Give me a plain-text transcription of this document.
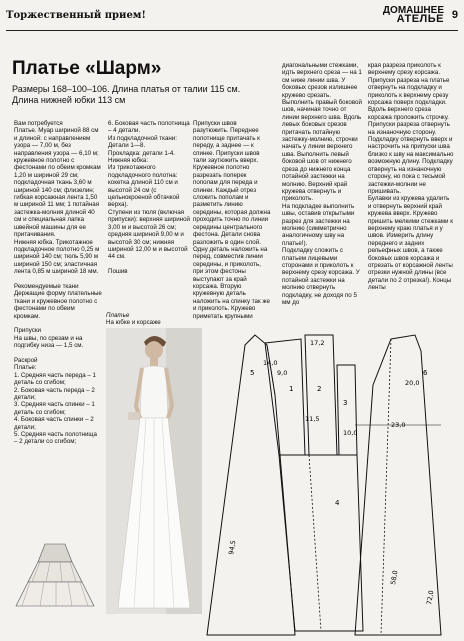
Торжественный прием!	ДОМАШНЕЕ
АТЕЛЬЕ 9
Платье «Шарм»
Размеры 168–100–106. Длина платья от талии 115 см.
Длина нижней юбки 113 см
Вам потребуется
Платье. Муар шириной 88 см и длиной: с направлением узора — 7,00 м, без направления узора — 6,10 м; кружевное полотно с фестонами по обеим кромкам 1,20 м шириной 29 см; подкладочная ткань 3,60 м шириной 140 см; флизелин; гибкая корсажная лента 1,50 м шириной 11 мм; 1 потайная застежка-молния длиной 40 см и специальная лапка швейной машины для ее притачивания.
Нижняя юбка. Трикотажное подкладочное полотно 0,25 м шириной 140 см; тюль 5,90 м шириной 150 см; эластичная лента 0,85 м шириной 18 мм.

Рекомендуемые ткани
Держащие форму плательные ткани и кружевное полотно с фестонами по обеим кромкам.

Припуски
На швы, по срезам и на подгибку низа — 1,5 см.

Раскрой
Платье:
1. Средняя часть переда – 1 деталь со сгибом;
2. Боковая часть переда – 2 детали;
3. Средняя часть спинки – 1 деталь со сгибом;
4. Боковая часть спинки – 2 детали;
5. Средняя часть полотнища – 2 детали со сгибом;
6. Боковая часть полотнища – 4 детали.
Из подкладочной ткани: Детали 1—8.
Прокладка: детали 1-4.
Нижняя юбка:
Из трикотажного подкладочного полотна: кокетка длиной 110 см и высотой 24 см (с цельнокроеной обтачкой верха).
Ступени из тюля (включая припуски): верхняя шириной 3,00 м и высотой 26 см; средняя шириной 9,00 м и высотой 30 см; нижняя шириной 12,00 м и высотой 44 см.

Пошив
Припуски швов разутюжить. Переднее полотнище притачать к переду, а заднее — к спинке. Припуски швов тали заутюжить вверх.
Кружевное полотно разрезать поперек пополам для переда и спинки. Каждый отрез сложить пополам и разметить линию середины, которая должна проходить точно по линии середины центрального фестона. Детали снова разложить в один слой. Одну деталь наложить на перед, совместив линии середины, и приколоть, при этом фестоны выступают за край корсажа. Вторую кружевную деталь наложить на спинку так же и приколоть. Кружево приметать крупными
диагональными стежками, идть верхнего среза — на 1 см ниже линии шва. У боковых срезов излишнее кружево срезать.
Выполнить правый боковой шов, начиная точно от линии верхнего шва. Вдоль левых боковых срезов притачать потайную застежку-молнию, строчки начать у линии верхнего шва. Выполнить левый боковой шов от нижнего среза до нижнего конца потайной застежки на молнию. Верхний край кружева отвернуть и приколоть.
На подкладке выполнить швы, оставив открытыми разрез для застежки на молнию (симметрично аналогичному шву на платье!).
Подкладку сложить с платьем лицевыми сторонами и приколоть к верхнему срезу корсажа. У потайной застежки на молнию отвернуть подкладку, не доходя по 5 мм до
края разреза приколоть к верхнему срезу корсажа. Припуски разреза на платье отвернуть на подкладку и приколоть к верхнему срезу корсажа поверх подкладки. Вдоль верхнего среза корсажа проложить строчку. Припуски разреза отвернуть на изнаночную сторону. Подкладку отвернуть вверх и настрочить на припуски шва близко к шву на максимально возможную длину. Подкладку отвернуть на изнаночную сторону, но пока с тесьмой застежки-молнии не пришивать.
Булавки из кружева удалить и отвернуть верхний край кружева вверх. Кружево пришить мелкими стежками к верхнему краю платья и у швов. Измерить длину переднего и задних рельефных швов, а также боковых швов корсажа и отрезать от корсажной ленты отрезки нужной длины (все детали по 2 отрезка!). Концы ленты
Платье
На юбке и корсаже
5
1	2
3
4
6
17,2
14,0
9,0
23,0
20,0
72,0
58,0
94,5
11,5
10,0
